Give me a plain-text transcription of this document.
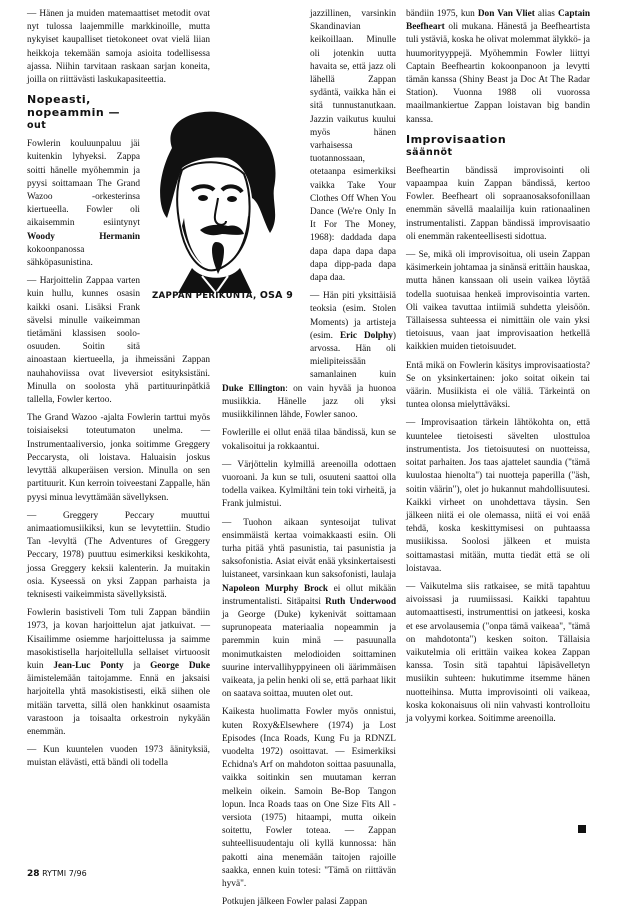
— Hänen ja muiden matemaattiset metodit ovat nyt tulossa laajemmille markkinoille, mutta nykyiset kaupalliset tietokoneet ovat vielä liian heikkoja tekemään samoja asioita todellisessa ajassa. Niihin tarvitaan raskaan sarjan koneita, joilla on riittävästi laskukapasiteettia.

Nopeasti,
nopeammin —
out

Fowlerin kouluunpaluu jäi kuitenkin lyhyeksi. Zappa soitti hänelle myöhemmin ja pyysi soittamaan The Grand Wazoo -orkesterinsa kiertueella. Fowler oli aikaisemmin esiintynyt Woody Hermanin kokoonpanossa sähköpasunistina.

— Harjoittelin Zappaa varten kuin hullu, kunnes osasin kaikki osani. Lisäksi Frank sävelsi minulle vaikeimman tietämäni klassisen soolo-osuuden. Soitin sitä ainoastaan kiertueella, ja ihmeissäni Zappan nauhahoviissa ovat liveversiot esityksistäni. Minulla on soolosta yhä partituurinpätkiä tallella, Fowler kertoo.

The Grand Wazoo -ajalta Fowlerin tarttui myös toisiaiseksi toteutumaton unelma. — Instrumentaaliversio, jonka soitimme Greggery Peccarysta, oli loistava. Haluaisin joskus levyttää alkuperäisen version. Minulla on sen partituurit. Kun kerroin toiveestani Zappalle, hän pyysi minua levyttämään sävellyksen.

— Greggery Peccary muuttui animaatiomusiikiksi, kun se levytettiin. Studio Tan -levyltä (The Adventures of Greggery Peccary, 1978) puuttuu esimerkiksi keskikohta, jossa Greggery keksii kalenterin. Ja muitakin osia. Kyseessä on yksi Zappan parhaista ja teknisesti vaikeimmista sävellyksistä.

Fowlerin basistiveli Tom tuli Zappan bändiin 1973, ja kovan harjoittelun ajat jatkuivat. — Kisailimme osiemme harjoittelussa ja saimme masokistisella harjoitellulla sellaiset virtuoosit kuin Jean-Luc Ponty ja George Duke äimistelemään taitojamme. Ennä en jaksaisi harjoitella yhtä masokistisesti, eikä siihen ole mitään tarvetta, sillä olen hankkinut osaamista varastoon ja toisaalta orkestroin nykyään enemmän.

— Kun kuuntelen vuoden 1973 äänityksiä, muistan elävästi, että bändi oli todella

jazzillinen, varsinkin Skandinavian keikoillaan. Minulle oli jotenkin uutta havaita se, että jazz oli lähellä Zappan sydäntä, vaikka hän ei sitä tunnustanutkaan. Jazzin vaikutus kuului myös hänen varhaisessa tuotannossaan, otetaanpa esimerkiksi vaikka Take Your Clothes Off When You Dance (We're Only In It For The Money, 1968): daddada dapa dapa dapa dapa dapa dapa dipp-pada dapa dapa daa.

— Hän piti yksittäisiä teoksia (esim. Stolen Moments) ja artisteja (esim. Eric Dolphy) arvossa. Hän oli mielipiteissään samanlainen kuin Duke Ellington: on vain hyvää ja huonoa musiikkia. Hänelle jazz oli yksi musiikkilinnen lähde, Fowler sanoo.

Fowlerille ei ollut enää tilaa bändissä, kun se vokalisoitui ja rokkaantui.

— Värjöttelin kylmillä areenoilla odottaen vuoroani. Ja kun se tuli, osuuteni saattoi olla todella vaikea. Kylmiltäni tein toki virheitä, ja Frank julmistui.

— Tuohon aikaan syntesoijat tulivat ensimmäistä kertaa voimakkaasti esiin. Oli turha pitää yhtä pasunistia, tai pasunistia ja saksofonistia. Asiat eivät enää yksinkertaisesti luistaneet, varsinkaan kun saksofonisti, laulaja Napoleon Murphy Brock ei ollut mikään instrumentalisti. Sitäpaitsi Ruth Underwood ja George (Duke) kykenivät soittamaan suprunopeata materiaalia nopeammin ja paremmin kuin minä — pasuunalla monimutkaisten melodioiden soittaminen suurine intervallihyppyineen oli äärimmäisen vaikeata, ja pelin henki oli se, että parhaat likit on saatava soittaa, muuten olet out.

Kaikesta huolimatta Fowler myös onnistui, kuten Roxy&Elsewhere (1974) ja Lost Episodes (Inca Roads, Kung Fu ja RDNZL vuodelta 1972) osoittavat. — Esimerkiksi Echidna's Arf on mahdoton soittaa pasuunalla, vaikka soitinkin sen muutaman kerran melkein oikein. Samoin Be-Bop Tangon lopun. Inca Roads taas on One Size Fits All -versiota (1975) hitaampi, mutta oikein soitettu, Fowler toteaa. — Zappan suhteellisuudentaju oli kyllä kunnossa: hän pakotti aina menemään taitojen rajoille saakka, ennen kuin totesi: "Tämä on riittävän hyvä".

Potkujen jälkeen Fowler palasi Zappan

bändiin 1975, kun Don Van Vliet alias Captain Beefheart oli mukana. Hänestä ja Beefheartista tuli ystäviä, koska he olivat molemmat älykkö- ja huumorityyppejä. Myöhemmin Fowler liittyi Captain Beefheartin kokoonpanoon ja levytti tämän kanssa (Shiny Beast ja Doc At The Radar Station). Vuonna 1988 oli vuorossa maailmankiertue Zappan loistavan big bandin kanssa.

Improvisaation
säännöt

Beefheartin bändissä improvisointi oli vapaampaa kuin Zappan bändissä, kertoo Fowler. Beefheart oli sopraanosaksofonillaan enemmän sävellä maalailija kuin rationaalinen instrumentalisti. Zappan bändissä improvisaatio oli enemmän rakenteellisesti sidottua.

— Se, mikä oli improvisoitua, oli usein Zappan käsimerkein johtamaa ja sinänsä erittäin hauskaa, mutta hänen kanssaan oli usein vaikea löytää todella suotuisaa henkeä improvisointia varten. Oli vaikea tavuttaa intiimiä suhdetta yleisöön. Tällaisessa suhteessa ei nimittäin ole vain yksi tietoisuus, vaan jaat improvisaation hetkellä kaikkien muiden tietoisuudet.

Entä mikä on Fowlerin käsitys improvisaatiosta? Se on yksinkertainen: joko soitat oikein tai väärin. Musiikista ei ole väliä. Tärkeintä on tuntea olonsa mielyttäväksi.

— Improvisaation tärkein lähtökohta on, että kuuntelee tietoisesti sävelten ulosttuloa instrumentista. Jos tietoisuutesi on nuotteissa, soitat parhaiten. Jos taas ajattelet saundia ("tämä kuulostaa hienolta") tai nuotteja paperilla ("äsh, soitin väärin"), olet jo hukannut mahdollisuutesi. Kaikki virheet on unohdettava täysin. Sen jälkeen niitä ei ole olemassa, niitä ei voi enää tehdä, koska keskittymisesi on puhtaassa musiikissa. Soolosi jälkeen et muista soittamastasi mitään, mutta tiedät että se oli loistavaa.

— Vaikutelma siis ratkaisee, se mitä tapahtuu aivoissasi ja ruumiissasi. Kaikki tapahtuu automaattisesti, instrumenttisi on jatkeesi, koska et ese arvolausemia ("onpa tämä vaikeaa", "tämä on mahdotonta") kesken soiton. Tällaisia vaikutelmia oli erittäin vaikea kokea Zappan kanssa. Tosin sitä tapahtui läpisävelletyn musiikin suhteen: hukutimme itsemme hänen nuotteihinsa. Mutta improvisointi oli vaikeaa, koska kokonaisuus oli niin vahvasti kontrolloitu ja volyymi korkea. Soitimme areenoilla.

ZAPPAN PERIKUNTA, OSA 9
28 RYTMI 7/96
